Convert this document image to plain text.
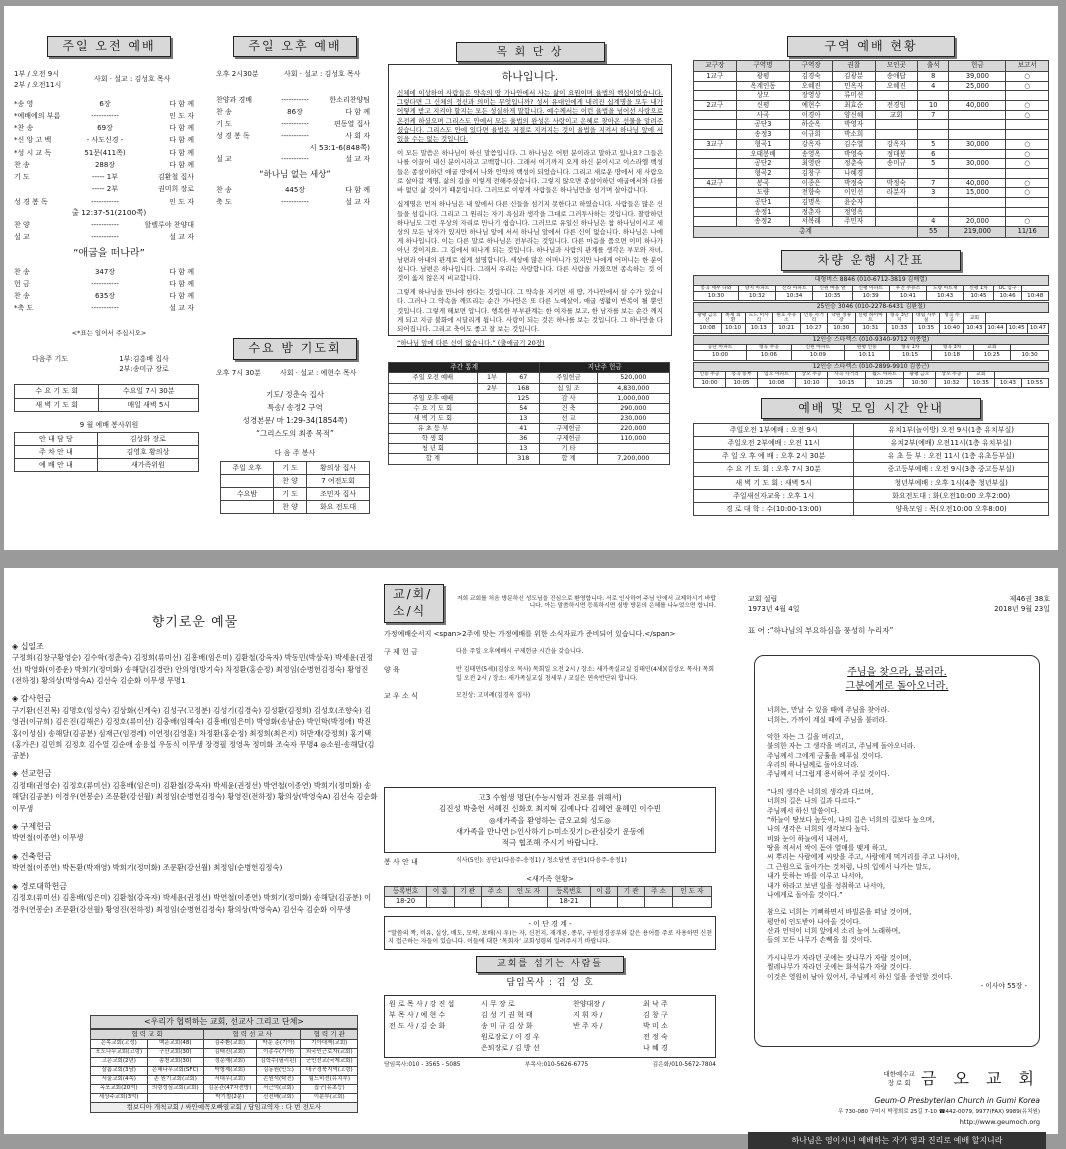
주일 오전 예배
1부 / 오전 9시
2부 / 오전11시
사회 · 설교 : 김성호 목사
*송 영	6장	다 함 께
*예배에의 부름	-----------	인 도 자
*찬 송	69장	다 함 께
*신 앙 고 백	- 사도신경 -	다 함 께
*성 시 교 독	51문(411쪽)	다 함 께
찬 송	288장	다 함 께
기 도	----- 1부	김환철 집사
----- 2부	권미희 장로
성 경 봉 독	-----------	인 도 자
출 12:37-51(2100쪽)
찬 양	-----------	할렐루야 찬양대
설 교	-----------	설 교 자
“애굽을 떠나라”
찬 송	347장	다 함 께
헌 금	-----------	다 함 께
찬 송	635장	다 함 께
*축 도	-----------	설 교 자
<*표는 일어서 주십시오>
다음주 기도	1부:김흥배 집사
2부:송미규 장로
수 요 기 도 회	수요일 7시 30분
새 벽 기 도 회	매일 새벽 5시
9 월 예배 봉사위원
안 내 담 당	김상화 장로
주 차 안 내	김영호 황의상
예 배 안 내	새가족위원
주일 오후 예배
오후 2시30분	사회 · 설교 : 김성호 목사
찬양과 경배	-----------	한소리찬양팀
찬 송	86장	다 함 께
기 도	-----------	편동열 집사
성 경 봉 독	-----------	사 회 자
시 53:1-6(848쪽)
설 교	-----------	설 교 자
“하나님 없는 세상”
찬 송	445장	다 함 께
축 도	-----------	설 교 자
수요 밤 기도회
오후 7시 30분	사회 · 설교 : 예현수 목사
기도/ 정춘숙 집사
특송/ 송정2 구역
성경본문/ 마 1:29-34(1854쪽)
“그리스도의 최종 목적”
다 음 주 봉사
주일 오후	기 도	황의상 집사
	찬 양	7 여전도회
수요밤	기 도	조민자 집사
	찬 양	화요 전도대
목 회 단 상
하나입니다.
신체에 이상하여 사람들은 약속의 땅 가나안에서 사는 삶이 요원이며 율법의 핵심이었습니다. 그렇다면 그 신체의 정신과 의미는 무엇입니까? 성서 유대인에게 내려진 십계명을 모두 내가 어떻게 받고 지켜야 할지는 모든 성실하게 말합니다. 예수께서는 이런 율법을 넘어선 사랑으로 온전케 하셨으며 그리스도 안에서 모든 율법의 완성은 사랑이고 은혜로 찾아온 선물을 알려주셨습니다. 그리스도 안에 있다면 율법은 저절로 지켜지는 것이 율법을 지켜서 하나님 앞에 서 있을 수는 없는 것입니다.
이 모든 말씀은 하나님이 하신 말씀입니다. 그 하나님은 어떤 분이라고 말하고 있나요? 그들은 나를 이끌어 내신 분이시라고 고백합니다. 그래서 여기까지 오게 하신 분이시고 이스라엘 백성들은 종살이하던 애굽 땅에서 나와 언약의 백성이 되었습니다. 그리고 새로운 땅에서 새 사람으로 살아갈 계명, 삶의 길을 이렇게 전해주셨습니다. 그렇지 않으면 종살이하던 애굽에서와 다를 바 없던 삶 것이기 때문입니다. 그러므로 이렇게 사람들은 하나님만을 섬기며 살아갑니다.
십계명은 먼저 하나님은 내 앞에서 다른 신들을 섬기지 못한다고 하였습니다. 사람들은 많은 신들을 섬깁니다. 그리고 그 원리는 자기 욕심과 생각을 그대로 그러투사하는 것입니다. 찰랑하던 하나님도 그런 우상의 자리로 만나기 쉽습니다. 그러므로 유일신 하나님은 참 하나님이시고 세상의 모든 남자가 있지만 하나님 앞에 서서 하나님 앞에서 다른 신이 없습니다. 하나님은 나에게 하나입니다. 이는 다른 말로 하나님은 전부라는 것입니다. 다른 마음을 품으면 이미 하나가 아닌 것이지요. 그 길에서 떠나게 되는 것입니다. 하나님과 사람의 관계를 생각은 부모와 자녀, 남편과 아내의 관계로 쉽게 설명합니다. 세상에 많은 어머니가 있지만 나에게 어머니는 한 분이십니다. 남편은 하나입니다. 그래서 우리는 사랑합니다. 다른 사람을 가졌으면 종속하는 것 이것이 옳지 않은지 비교합니다.
그렇게 하나님을 만나야 한다는 것입니다. 그 약속을 지키면 새 땅, 가나안에서 살 수가 있습니다. 그러나 그 약속을 깨뜨리는 순간 가나안은 또 다른 노예살이, 애굽 생활이 반복이 될 뿐인 것입니다. 그렇게 해보면 압니다. 행복한 부부관계는 한 여자를 보고, 한 남자를 보는 순간 깨지게 되고 지금 불화에 시달리게 됩니다. 사랑이 되는 것은 하나를 보는 것입니다. 그 하나만을 다 되어집니다. 그리고 축이도 좋고 잘 보는 것입니다.
“하나님 앞에 다른 신이 없습니다.” (출애굽기 20장)
주간 통계			지난주 헌금	
주일 오전 예배	1부	67	주일헌금	520,000
	2부	168	십 일 조	4,830,000
주일 오후 예배		125	감 사	1,000,000
수 요 기 도 회		54	건 축	290,000
새 벽 기 도 회		13	선 교	230,000
유 초 등 부		41	구제헌금	220,000
학 생 회		36	구제헌금	110,000
청 년 회		13	기 타	
합 계		318	합 계	7,200,000
구역 예배 현황
교구장	구역명	구역장	권찰	모인곳	출석	헌금	보고서
1교구	광평	김경숙	김광분	송애답	8	39,000	○
	옥계인동	오혜진	민옥자	오혜진	4	25,000	○
	상모	장영상	류미선				
2교구	신평	예현수	최효순	전경임	10	40,000	○
	사곡	이경아	양신혜	교회	7		○
	공단3	하순옥	박영자				
	송정3	이규희	박소희				
3교구	형곡1	강옥자	김수열	강옥자	5	30,000	○
	오태봉배	송영옥	박영숙	정대봉	6		○
	공단2	최영란	정춘숙	송미규	5	30,000	○
	형곡2	김창구	나혜경				
4교구	봉곡	이종은	박정숙	박정숙	7	40,000	○
	도량	전향숙	이인선	라분자	3	15,000	○
	공단1	김명옥	윤순자				
	송정1	정춘자	정영옥				
	송정2	서복래	주민자		4	20,000	○
총계					55	219,000	11/16
차량 운행 시간표
대형버스 8846 (010-6712-3819 김배열)									
봉곡 세무 나와	양지 아파트	신라 아파트	신원 마을 앞	신평 아파트	우진 주유소	도량 아트재	신평 1차	OC 입구	
10:30	10:32	10:34	10:35	10:39	10:41	10:43	10:45	10:46	10:48
25인승 3046 (010-2278-6431 김환철)													
광평 금오산	옥계 외환	도드 미사리	원호 주유소	인동 사거리	낙원 정류장	신평 하이마트	형곡 3단지	대림 사무실	형곡 주공	교회			
10:08	10:10	10:13	10:21	10:27	10:30	10:31	10:33	10:35	10:40	10:43	10:44	10:45	10:47
12인승 스타렉스 (010-9340-9712 이종열)							
공단 아파트	형곡 주공	신원 아파트	원평 인동	형곡 1차	형곡 3차	교회	
10:00	10:06	10:09	10:11	10:15	10:18	10:25	10:30
12인승 스타렉스 (010-2899-9910 김봉근)										
인동 주공	봉곡 동부	임오 아파트	상모 주공	사곡 사거리	월드 아파트	광평 금오	상모 주공	교회		
10:00	10:05	10:08	10:10	10:15	10:25	10:30	10:32	10:35	10:43	10:55
예배 및 모임 시간 안내
주일오전 1부예배 : 오전 9시	유치1부(놀이방) 오전 9시(1층 유치부실)
주일오전 2부예배 : 오전 11시	유치2부(예배) 오전11시(1층 유치부실)
주 일 오 후 예 배 : 오후 2시 30분	유 초 등 부 : 오전 11시 (1층 유초등부실)
수 요 기 도 회 : 오후 7시 30분	중고등부예배 : 오전 9시(3층 중고등부실)
새 벽 기 도 회 : 새벽 5시	청년부예배 : 오후 1시(4층 청년부실)
주일새신자교육 : 오후 1시	화요전도대 : 화(오전10:00 오후2:00)
경 로 대 학 : 수(10:00-13:00)	양육모임 : 목(오전10:00 오후8:00)
향기로운 예물
◈ 십일조
구정희(김창구황영순) 김수학(정춘숙) 김정희(류미선) 김흥배(임은미) 김환철(강옥자) 박동민(박상욱) 박세윤(권정선) 박영화(이종운) 박희기(정미화) 송해달(김경란) 안의영(방기숙) 차정환(홍순정) 최정임(순병헌김정숙) 황영진(전하정) 황의상(박영숙A) 김선숙 김순화 이무생 무명1
◈ 감사헌금
구기환(신진복) 김명호(임성숙) 김상화(신계숙) 김성구(고정분) 김성기(김경숙) 김성환(김정희) 김성호(조향숙) 김영권(이규희) 김은진(김해은) 김정호(류미선) 김충배(임해숙) 김흥배(임은미) 박영화(송남순) 박인학(박정애) 박진홍(이성심) 송해달(김공분) 심재근(임경례) 이연정(김영훈) 차정환(홍순정) 최정희(최은지) 허만재(강정희) 홍기택(홍가은) 김민희 김정호 김수열 김순애 송용섭 우동식 이무생 장경필 정영옥 정미화 조숙자 무명4 ◎소원-송해달(김공분)
◈ 선교헌금
김정태(권영순) 김정호(류미선) 김흥배(임은미) 김환철(강옥자) 박세윤(권정선) 박연철(이종연) 박희기(정미화) 송해달(김공분) 이경우(연봉순) 조문환(강선월) 최정임(순병헌김정숙) 황영진(전하정) 황의상(박영숙A) 김선숙 김순화 이무생
◈ 구제헌금
박연철(이종연) 이무생
◈ 건축헌금
박연철(이종연) 박돈환(박재영) 박희기(정미화) 조문환(강선월) 최정임(순병헌김정숙)
◈ 경로대학헌금
김정호(류미선) 김흥배(임은미) 김환철(강옥자) 박세윤(권정선) 박연철(이종연) 박희기(정미화) 송해달(김공분) 이경우(연봉순) 조문환(강선월) 황영진(전하정) 최정임(순병헌김정숙) 황의상(박영숙A) 김선숙 김순화 이무생
<우리가 협력하는 교회, 선교사 그리고 단체>
협 력 교 회		협 력 선 교 사		협 력 기 관
은목교회(고성)	백운교회(48)	김주환(교회)	박운 준(기아)	기아대책(교회)
포도나무교회(고령)	구산교회(30)	김태진(교회)	이종수(기아)	외국인근로자(교회)
고은교회(2년)	송천교회(30)	정운재(교회)	김학수(필리핀)	군인선교(국제교회)
살롬교회(3남)	은혜나무교회(SFC)	박형제(교회)	김동원(인도)	대구경북지역(고령)
서울교회(4속)	존 원기교회(교회)	서대우(교회)	손원석(탁진)	월드비전(유치부)
옥포교회(20억)	의령성심교회(교회)	김문관(47차전방)	서근억(교회)	집구(유초등)
세상주교회(3억)		박기철(2분)	신진배(교회)	이분부(교회)
컴보디아 개척교회 / 싸안예꼭오빠열교회 / 담임교역자 : 다 번 전도사
교/회/소/식
저희 교회를 처음 방문하신 성도님을 진심으로 환영합니다. 서로 인사하여 주님 안에서 교제하시기 바랍니다. 아는 말씀하시면 등록하시면 심방 방문의 은혜를 나누었으면 합니다.
가정예배순서지 <span>2주에 맞는 가정예배를 위한 소식자료가 준비되어 있습니다.</span>
구 제 헌 금	다음 주일 오후예배시 구제헌금 시간을 갖습니다.
양 육	반 김태민(5세)(김상오 목사) 목회일 오전 2시 / 장소: 새가족실교실 김태민(4세)(김상오 목사) 목회일 오전 2시 / 장소: 새가족실교실 청세부 / 교실은 연속반단위 합니다.
교 우 소 식	모친상: 고미례(김경옥 집사)
고3 수험생 명단(수능시험과 진로를 위해서)
김진성 박충헌 서혜진 신화호 최지혁 김예나다 김혜연 윤혜민 이수빈
◎새가족을 환영하는 금오교회 성도◎
새가족을 만나면 ▷인사하기 ▷미소짓기 ▷관심갖기 운동에
적극 협조해 주시기 바랍니다.
봉 사 안 내	식사(5인): 공단1(다음주-송정1) / 청소당번 공단1(다음주-송정1)
<새가족 현황>
등록번호	이 름	기 관	주 소	인 도 자	등록번호	이 름	기 관	주 소	인 도 자
18-20					18-21				
- 이 단 경 계 -
“말씀의 짝, 비유, 실상, 배도, 모략, 보배(시 우)는 자, 신천지, 재개론, 종부, 구원성경공부와 같은 용어를 주로 사용하면 신천지 접근하는 자들이 있습니다. 이들에 대한 ‘목회자’ 교회성령의 일려주시기 바랍니다.
교회를 섬기는 사람들
담임목사 : 김 성 호
원 로 목 사 / 강 진 섭	시 무 장 로	찬양대장 /	최 낙 주
부 목 사 / 예 현 수	김 성 기 권 혁 태	지 휘 자 /	김 창 구
전 도 사 / 김 순 화	송 미 규 김 상 화	반 주 자 /	박 미 소
원로장로 / 이 경 우	전 정 숙
은퇴장로 / 김 방 선	나 혜 경
담임목사:010 - 3565 - 5085	부목사:010-5626-6775	김은화/010-5672-7804
교회 설립
1973년 4월 4일
제46권 38호
2018년 9월 23일
표 어 :“하나님의 부요하심을 풍성히 누리자”
주님을 찾으라, 불러라.
그분에게로 돌아오너라.
너희는, 만날 수 있을 때에 주님을 찾아라.
너희는, 가까이 계실 때에 주님을 불러라.
악한 자는 그 길을 버리고,
불의한 자는 그 생각을 버리고, 주님께 돌아오너라.
주님께서 그에게 긍휼을 베푸실 것이다.
우리의 하나님께로 돌아오너라.
주님께서 너그럽게 용서하여 주실 것이다.
“나의 생각은 너희의 생각과 다르며,
너희의 길은 나의 길과 다르다.”
주님께서 하신 말씀이다.
“하늘이 땅보다 높듯이, 나의 길은 너희의 길보다 높으며,
나의 생각은 너희의 생각보다 높다.
비와 눈이 하늘에서 내려서,
땅을 적셔서 싹이 돋아 열매를 맺게 하고,
씨 뿌리는 사람에게 씨앗을 주고, 사람에게 먹거리를 주고 나서야,
그 근원으로 돌아가는 것처럼, 나의 입에서 나가는 말도,
내가 뜻하는 바를 이루고 나서야,
내가 하라고 보낸 일을 성취하고 나서야,
나에게로 돌아올 것이다.”
참으로 너희는 기뻐하면서 바빌론을 떠날 것이며,
평안히 인도받아 나아올 것이다.
산과 언덕이 너희 앞에서 소리 높여 노래하며,
들의 모든 나무가 손뼉을 칠 것이다.
가시나무가 자라던 곳에는 잣나무가 자랄 것이며,
찔레나무가 자라던 곳에는 화석류가 자랄 것이다.
이것은 영원히 남아 있어서, 주님께서 하신 일을 증언할 것이다.
- 이사야 55장 -
대한예수교
장 로 회 금 오 교 회
Geum-O Presbyterian Church in Gumi Korea
우 730-080 구미시 박정희로 25길 7-10 ☎442-0079, 9977(FAX) 9989(유치원)
http://www.geumoch.org
하나님은 영이시니 예배하는 자가 영과 진리로 예배 할지니라
